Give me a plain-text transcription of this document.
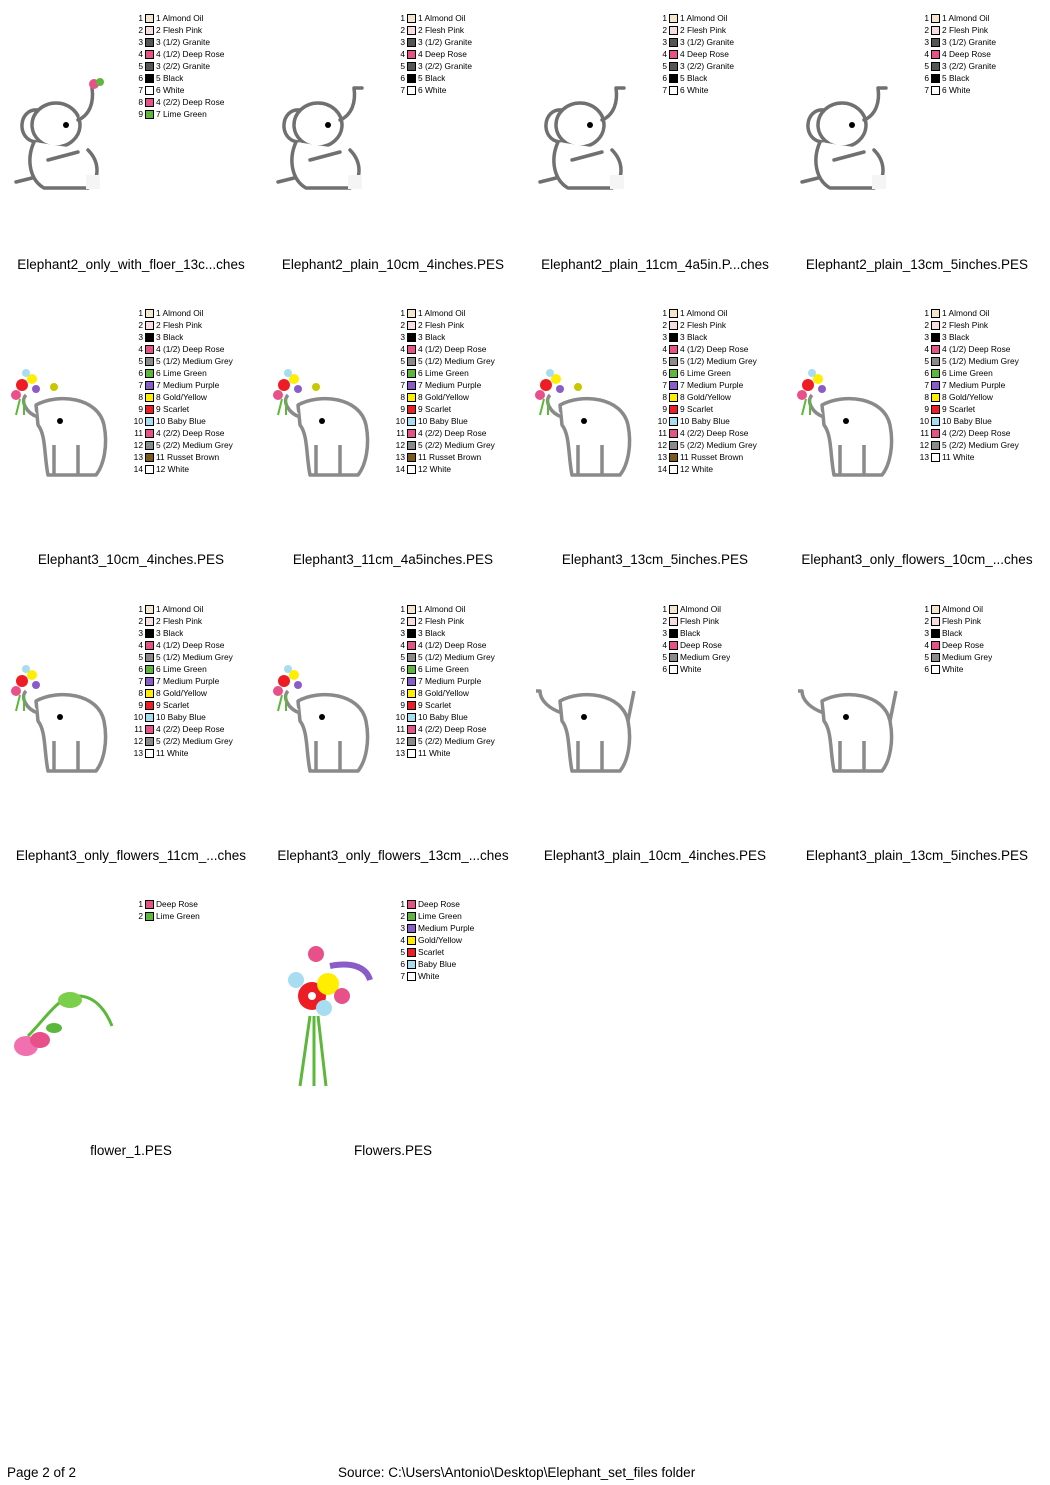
1 1 Almond Oil
2 2 Flesh Pink
3 3 (1/2) Granite
4 4 (1/2) Deep Rose
5 3 (2/2) Granite
6 5 Black
7 6 White
8 4 (2/2) Deep Rose
9 7 Lime Green
Elephant2_only_with_floer_13c...ches
1 1 Almond Oil
2 2 Flesh Pink
3 3 (1/2) Granite
4 4 Deep Rose
5 3 (2/2) Granite
6 5 Black
7 6 White
Elephant2_plain_10cm_4inches.PES
1 1 Almond Oil
2 2 Flesh Pink
3 3 (1/2) Granite
4 4 Deep Rose
5 3 (2/2) Granite
6 5 Black
7 6 White
Elephant2_plain_11cm_4a5in.P...ches
1 1 Almond Oil
2 2 Flesh Pink
3 3 (1/2) Granite
4 4 Deep Rose
5 3 (2/2) Granite
6 5 Black
7 6 White
Elephant2_plain_13cm_5inches.PES
1 1 Almond Oil
2 2 Flesh Pink
3 3 Black
4 4 (1/2) Deep Rose
5 5 (1/2) Medium Grey
6 6 Lime Green
7 7 Medium Purple
8 8 Gold/Yellow
9 9 Scarlet
10 10 Baby Blue
11 4 (2/2) Deep Rose
12 5 (2/2) Medium Grey
13 11 Russet Brown
14 12 White
Elephant3_10cm_4inches.PES
1 1 Almond Oil
2 2 Flesh Pink
3 3 Black
4 4 (1/2) Deep Rose
5 5 (1/2) Medium Grey
6 6 Lime Green
7 7 Medium Purple
8 8 Gold/Yellow
9 9 Scarlet
10 10 Baby Blue
11 4 (2/2) Deep Rose
12 5 (2/2) Medium Grey
13 11 Russet Brown
14 12 White
Elephant3_11cm_4a5inches.PES
1 1 Almond Oil
2 2 Flesh Pink
3 3 Black
4 4 (1/2) Deep Rose
5 5 (1/2) Medium Grey
6 6 Lime Green
7 7 Medium Purple
8 8 Gold/Yellow
9 9 Scarlet
10 10 Baby Blue
11 4 (2/2) Deep Rose
12 5 (2/2) Medium Grey
13 11 Russet Brown
14 12 White
Elephant3_13cm_5inches.PES
1 1 Almond Oil
2 2 Flesh Pink
3 3 Black
4 4 (1/2) Deep Rose
5 5 (1/2) Medium Grey
6 6 Lime Green
7 7 Medium Purple
8 8 Gold/Yellow
9 9 Scarlet
10 10 Baby Blue
11 4 (2/2) Deep Rose
12 5 (2/2) Medium Grey
13 11 White
Elephant3_only_flowers_10cm_...ches
1 1 Almond Oil
2 2 Flesh Pink
3 3 Black
4 4 (1/2) Deep Rose
5 5 (1/2) Medium Grey
6 6 Lime Green
7 7 Medium Purple
8 8 Gold/Yellow
9 9 Scarlet
10 10 Baby Blue
11 4 (2/2) Deep Rose
12 5 (2/2) Medium Grey
13 11 White
Elephant3_only_flowers_11cm_...ches
1 1 Almond Oil
2 2 Flesh Pink
3 3 Black
4 4 (1/2) Deep Rose
5 5 (1/2) Medium Grey
6 6 Lime Green
7 7 Medium Purple
8 8 Gold/Yellow
9 9 Scarlet
10 10 Baby Blue
11 4 (2/2) Deep Rose
12 5 (2/2) Medium Grey
13 11 White
Elephant3_only_flowers_13cm_...ches
1 Almond Oil
2 Flesh Pink
3 Black
4 Deep Rose
5 Medium Grey
6 White
Elephant3_plain_10cm_4inches.PES
1 Almond Oil
2 Flesh Pink
3 Black
4 Deep Rose
5 Medium Grey
6 White
Elephant3_plain_13cm_5inches.PES
1 Deep Rose
2 Lime Green
flower_1.PES
1 Deep Rose
2 Lime Green
3 Medium Purple
4 Gold/Yellow
5 Scarlet
6 Baby Blue
7 White
Flowers.PES
Page 2 of 2	Source: C:\Users\Antonio\Desktop\Elephant_set_files folder
